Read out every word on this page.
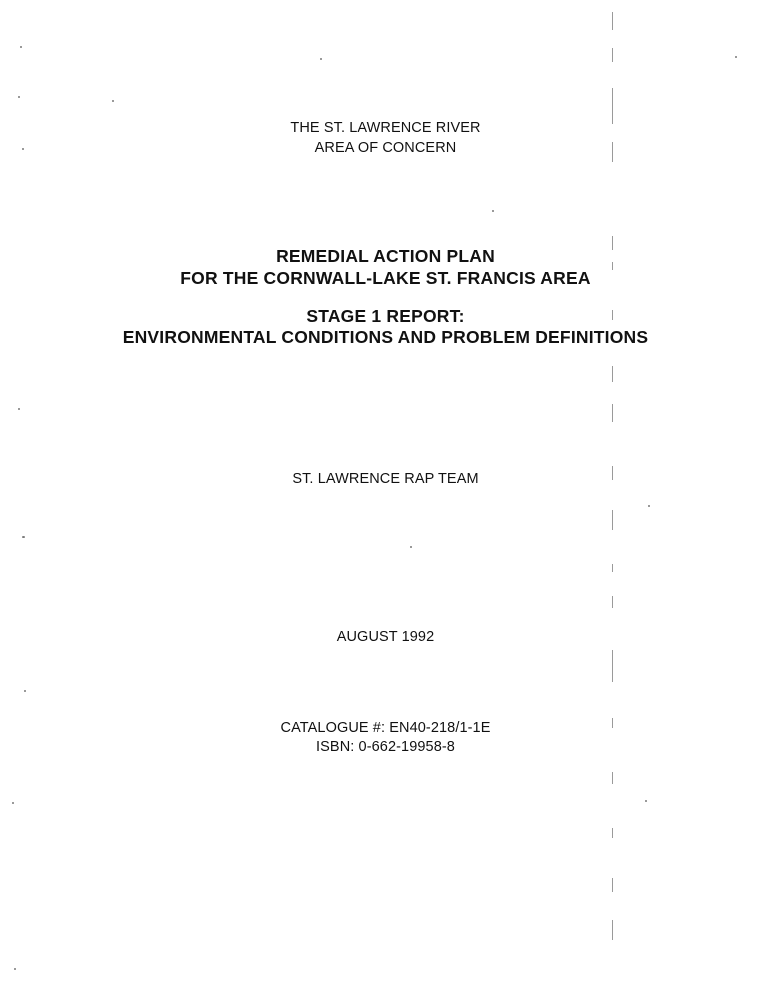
THE ST. LAWRENCE RIVER
AREA OF CONCERN
REMEDIAL ACTION PLAN
FOR THE CORNWALL-LAKE ST. FRANCIS AREA
STAGE 1 REPORT:
ENVIRONMENTAL CONDITIONS AND PROBLEM DEFINITIONS
ST. LAWRENCE RAP TEAM
AUGUST 1992
CATALOGUE #: EN40-218/1-1E
ISBN: 0-662-19958-8
